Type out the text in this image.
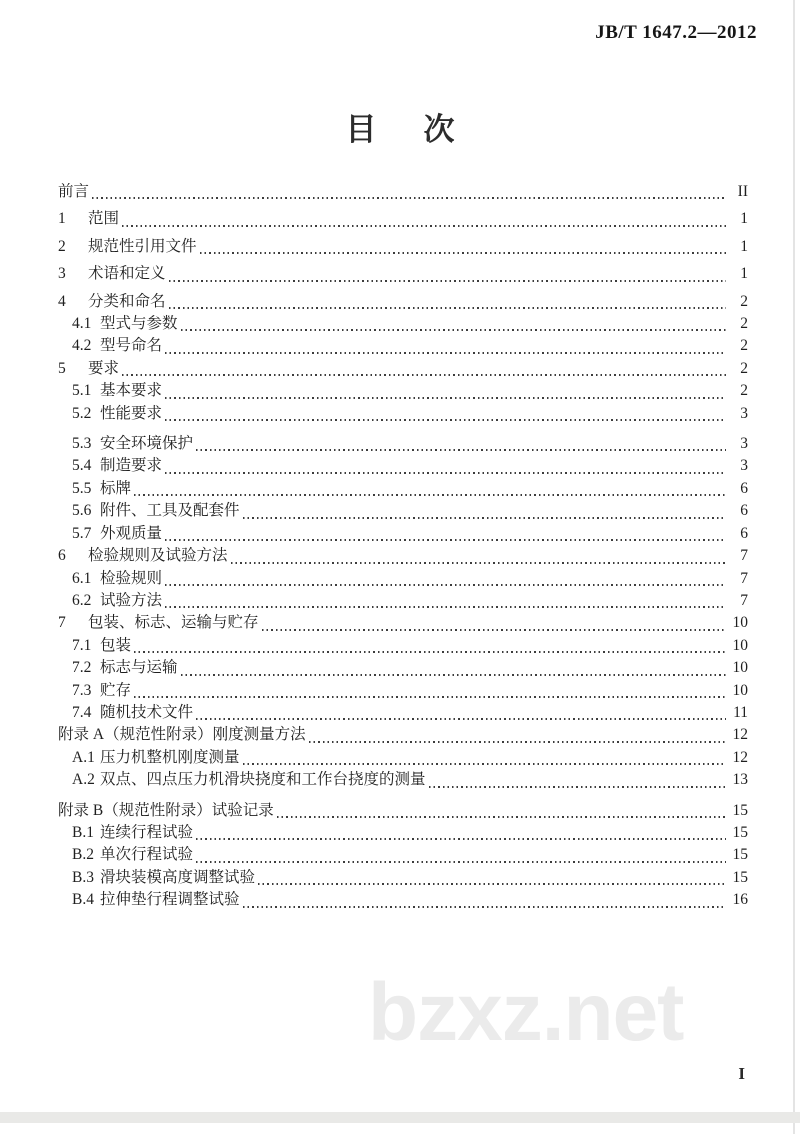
JB/T 1647.2—2012
目次
前言	II
1	范围	1
2	规范性引用文件	1
3	术语和定义	1
4	分类和命名	2
4.1 型式与参数	2
4.2 型号命名	2
5	要求	2
5.1 基本要求	2
5.2 性能要求	3
5.3 安全环境保护	3
5.4 制造要求	3
5.5 标牌	6
5.6 附件、工具及配套件	6
5.7 外观质量	6
6	检验规则及试验方法	7
6.1 检验规则	7
6.2 试验方法	7
7	包装、标志、运输与贮存	10
7.1 包装	10
7.2 标志与运输	10
7.3 贮存	10
7.4 随机技术文件	11
附录 A（规范性附录）刚度测量方法	12
A.1 压力机整机刚度测量	12
A.2 双点、四点压力机滑块挠度和工作台挠度的测量	13
附录 B（规范性附录）试验记录	15
B.1 连续行程试验	15
B.2 单次行程试验	15
B.3 滑块装模高度调整试验	15
B.4 拉伸垫行程调整试验	16
bzxz.net
I
